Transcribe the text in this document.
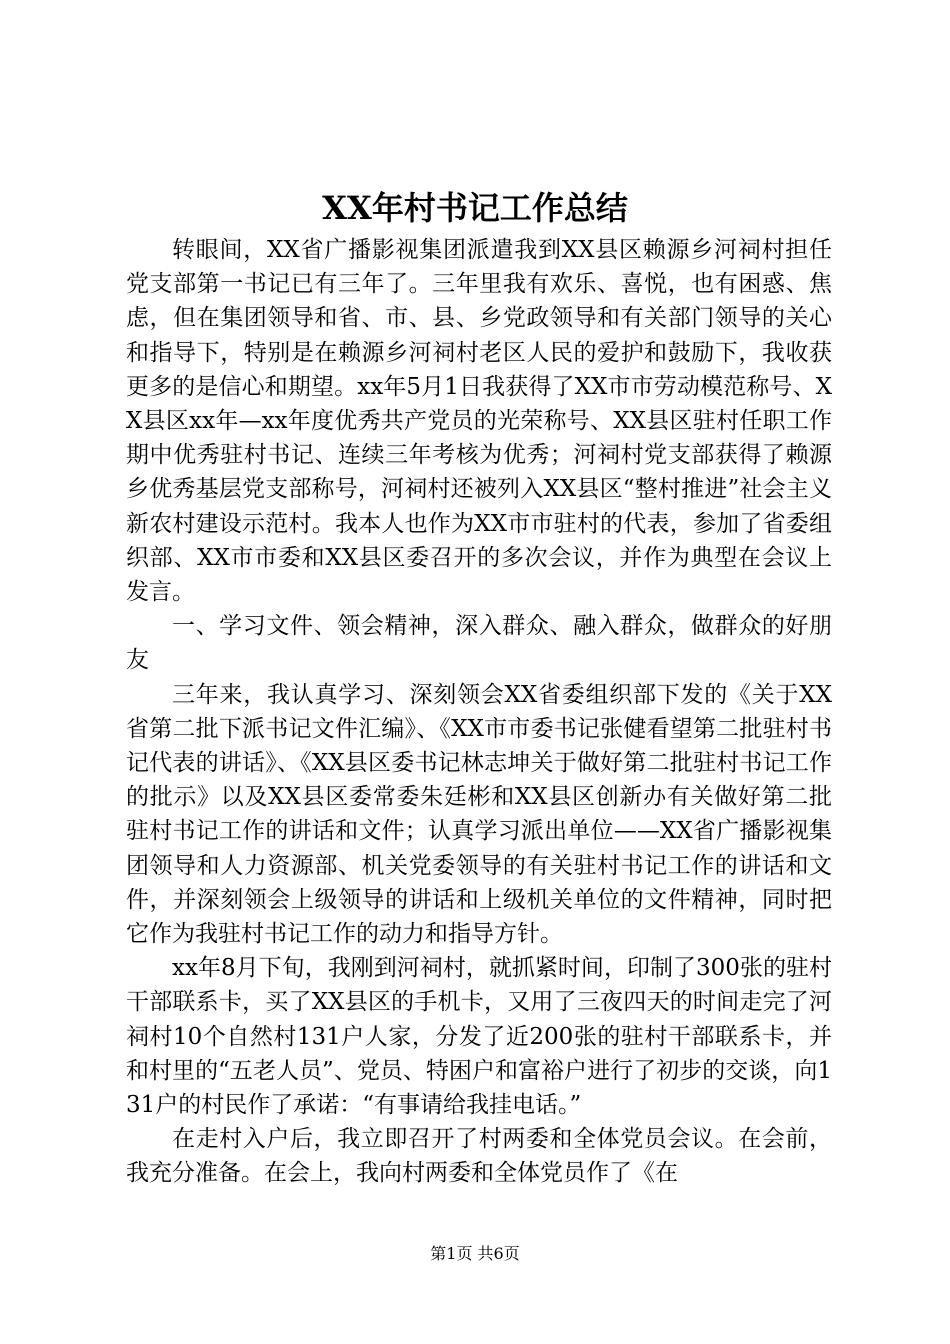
XX年村书记工作总结

转眼间，XX省广播影视集团派遣我到XX县区赖源乡河祠村担任党支部第一书记已有三年了。三年里我有欢乐、喜悦，也有困惑、焦虑，但在集团领导和省、市、县、乡党政领导和有关部门领导的关心和指导下，特别是在赖源乡河祠村老区人民的爱护和鼓励下，我收获更多的是信心和期望。xx年5月1日我获得了XX市市劳动模范称号、XX县区xx年—xx年度优秀共产党员的光荣称号、XX县区驻村任职工作期中优秀驻村书记、连续三年考核为优秀；河祠村党支部获得了赖源乡优秀基层党支部称号，河祠村还被列入XX县区“整村推进”社会主义新农村建设示范村。我本人也作为XX市市驻村的代表，参加了省委组织部、XX市市委和XX县区委召开的多次会议，并作为典型在会议上发言。

一、学习文件、领会精神，深入群众、融入群众，做群众的好朋友

三年来，我认真学习、深刻领会XX省委组织部下发的《关于XX省第二批下派书记文件汇编》、《XX市市委书记张健看望第二批驻村书记代表的讲话》、《XX县区委书记林志坤关于做好第二批驻村书记工作的批示》以及XX县区委常委朱廷彬和XX县区创新办有关做好第二批驻村书记工作的讲话和文件；认真学习派出单位——XX省广播影视集团领导和人力资源部、机关党委领导的有关驻村书记工作的讲话和文件，并深刻领会上级领导的讲话和上级机关单位的文件精神，同时把它作为我驻村书记工作的动力和指导方针。

xx年8月下旬，我刚到河祠村，就抓紧时间，印制了300张的驻村干部联系卡，买了XX县区的手机卡，又用了三夜四天的时间走完了河祠村10个自然村131户人家，分发了近200张的驻村干部联系卡，并和村里的“五老人员”、党员、特困户和富裕户进行了初步的交谈，向131户的村民作了承诺：“有事请给我挂电话。”

在走村入户后，我立即召开了村两委和全体党员会议。在会前，我充分准备。在会上，我向村两委和全体党员作了《在

第1页 共6页
